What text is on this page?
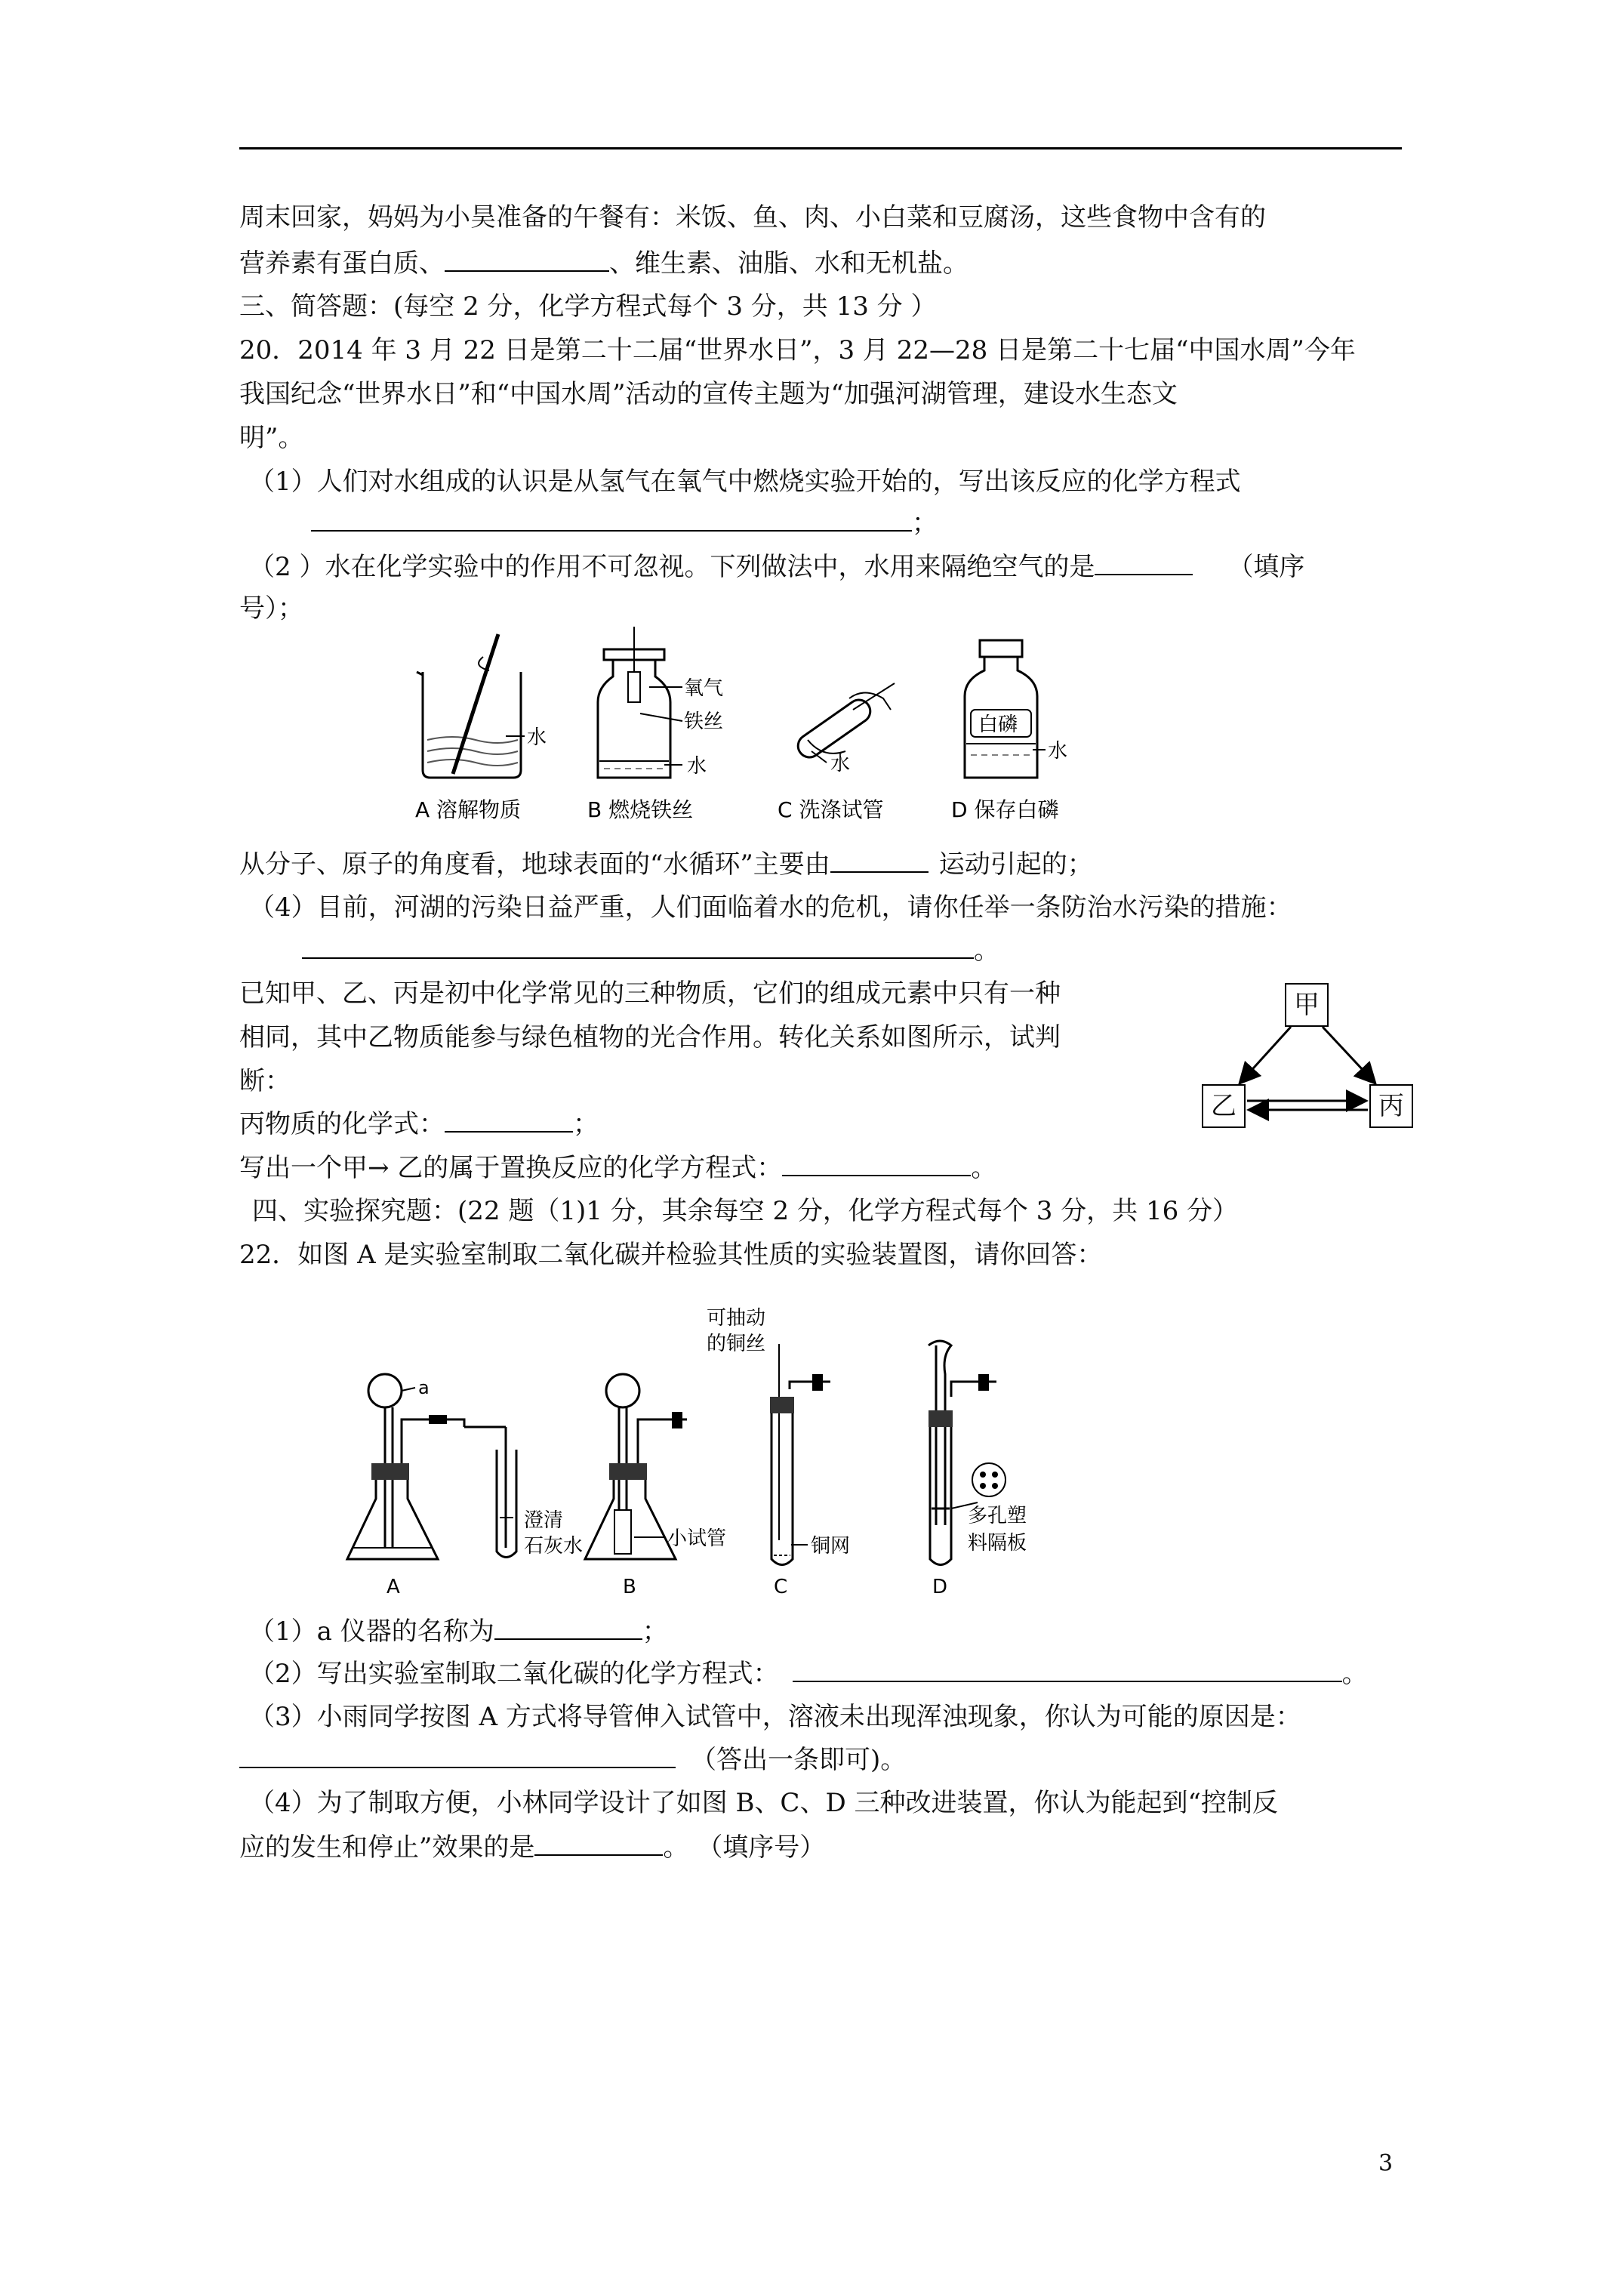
周末回家，妈妈为小昊准备的午餐有：米饭、鱼、肉、小白菜和豆腐汤，这些食物中含有的
营养素有蛋白质、	、维生素、油脂、水和无机盐。
三、简答题：(每空 2 分，化学方程式每个 3 分，共 13 分 ）
20．2014 年 3 月 22 日是第二十二届“世界水日”，3 月 22—28 日是第二十七届“中国水周”今年
我国纪念“世界水日”和“中国水周”活动的宣传主题为“加强河湖管理，建设水生态文
明”。
（1）人们对水组成的认识是从氢气在氧气中燃烧实验开始的，写出该反应的化学方程式
；
（2 ）水在化学实验中的作用不可忽视。下列做法中，水用来隔绝空气的是	（填序
号）；
水
A 溶解物质
氧气
铁丝
水
B 燃烧铁丝
水
C 洗涤试管
白磷
水
D 保存白磷
从分子、原子的角度看，地球表面的“水循环”主要由	运动引起的；
（4）目前，河湖的污染日益严重，人们面临着水的危机，请你任举一条防治水污染的措施：
。
已知甲、乙、丙是初中化学常见的三种物质，它们的组成元素中只有一种
相同，其中乙物质能参与绿色植物的光合作用。转化关系如图所示，试判
断：
丙物质的化学式：	；
写出一个甲→ 乙的属于置换反应的化学方程式：	。
甲
乙	丙
四、实验探究题：(22 题（1)1 分，其余每空 2 分，化学方程式每个 3 分，共 16 分）
22．如图 A 是实验室制取二氧化碳并检验其性质的实验装置图，请你回答：
a
澄清
石灰水
A
小试管
B
可抽动
的铜丝
铜网
C
多孔塑
料隔板
D
（1）a 仪器的名称为	；
（2）写出实验室制取二氧化碳的化学方程式：	。
（3）小雨同学按图 A 方式将导管伸入试管中，溶液未出现浑浊现象，你认为可能的原因是：
（答出一条即可)。
（4）为了制取方便，小林同学设计了如图 B、C、D 三种改进装置，你认为能起到“控制反
应的发生和停止”效果的是	。 （填序号）
3
